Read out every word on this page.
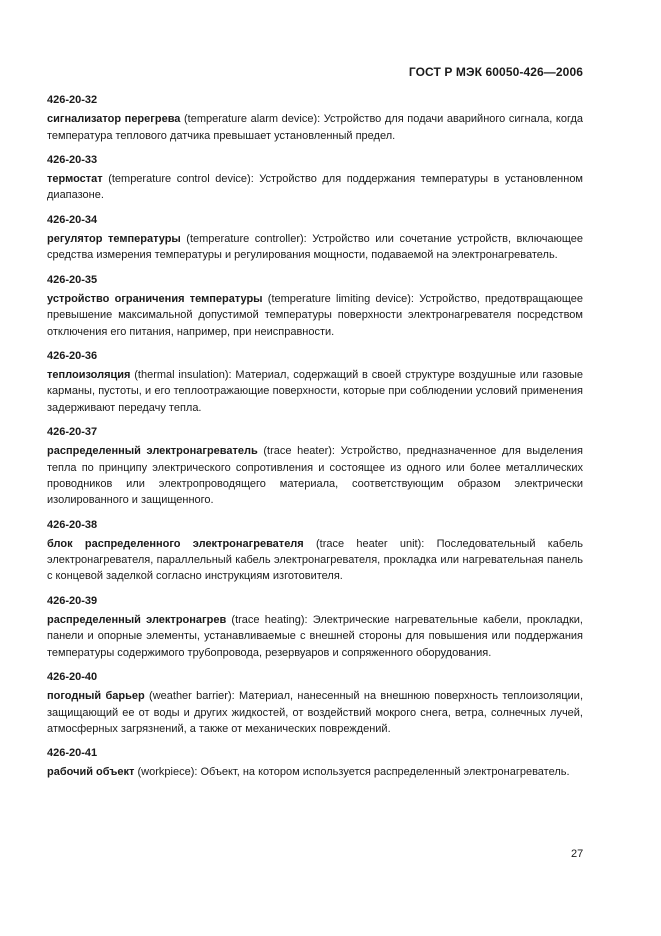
ГОСТ Р МЭК 60050-426—2006
426-20-32
сигнализатор перегрева (temperature alarm device): Устройство для подачи аварийного сигнала, когда температура теплового датчика превышает установленный предел.
426-20-33
термостат (temperature control device): Устройство для поддержания температуры в установленном диапазоне.
426-20-34
регулятор температуры (temperature controller): Устройство или сочетание устройств, включающее средства измерения температуры и регулирования мощности, подаваемой на электронагреватель.
426-20-35
устройство ограничения температуры (temperature limiting device): Устройство, предотвращающее превышение максимальной допустимой температуры поверхности электронагревателя посредством отключения его питания, например, при неисправности.
426-20-36
теплоизоляция (thermal insulation): Материал, содержащий в своей структуре воздушные или газовые карманы, пустоты, и его теплоотражающие поверхности, которые при соблюдении условий применения задерживают передачу тепла.
426-20-37
распределенный электронагреватель (trace heater): Устройство, предназначенное для выделения тепла по принципу электрического сопротивления и состоящее из одного или более металлических проводников или электропроводящего материала, соответствующим образом электрически изолированного и защищенного.
426-20-38
блок распределенного электронагревателя (trace heater unit): Последовательный кабель электронагревателя, параллельный кабель электронагревателя, прокладка или нагревательная панель с концевой заделкой согласно инструкциям изготовителя.
426-20-39
распределенный электронагрев (trace heating): Электрические нагревательные кабели, прокладки, панели и опорные элементы, устанавливаемые с внешней стороны для повышения или поддержания температуры содержимого трубопровода, резервуаров и сопряженного оборудования.
426-20-40
погодный барьер (weather barrier): Материал, нанесенный на внешнюю поверхность теплоизоляции, защищающий ее от воды и других жидкостей, от воздействий мокрого снега, ветра, солнечных лучей, атмосферных загрязнений, а также от механических повреждений.
426-20-41
рабочий объект (workpiece): Объект, на котором используется распределенный электронагреватель.
27
